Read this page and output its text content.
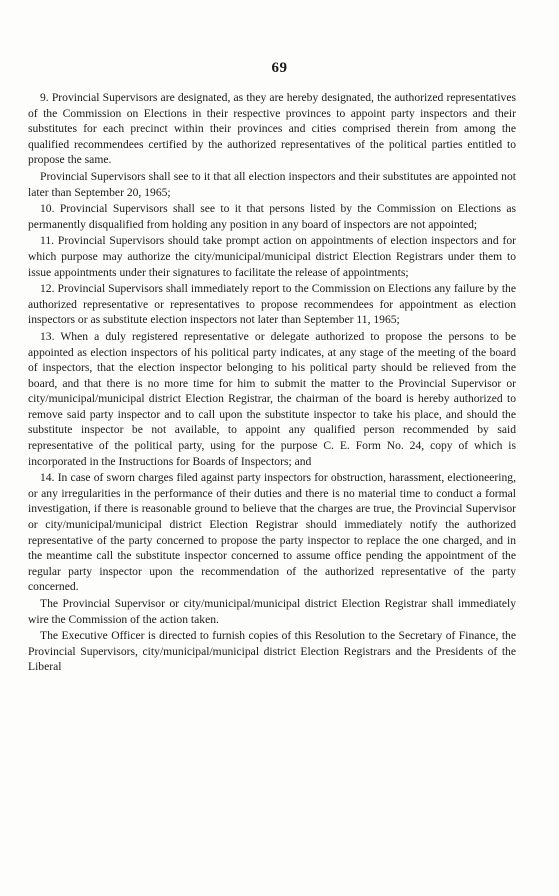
69

9. Provincial Supervisors are designated, as they are hereby designated, the authorized representatives of the Commission on Elections in their respective provinces to appoint party inspectors and their substitutes for each precinct within their provinces and cities comprised therein from among the qualified recommendees certified by the authorized representatives of the political parties entitled to propose the same.

Provincial Supervisors shall see to it that all election inspectors and their substitutes are appointed not later than September 20, 1965;

10. Provincial Supervisors shall see to it that persons listed by the Commission on Elections as permanently disqualified from holding any position in any board of inspectors are not appointed;

11. Provincial Supervisors should take prompt action on appointments of election inspectors and for which purpose may authorize the city/municipal/municipal district Election Registrars under them to issue appointments under their signatures to facilitate the release of appointments;

12. Provincial Supervisors shall immediately report to the Commission on Elections any failure by the authorized representative or representatives to propose recommendees for appointment as election inspectors or as substitute election inspectors not later than September 11, 1965;

13. When a duly registered representative or delegate authorized to propose the persons to be appointed as election inspectors of his political party indicates, at any stage of the meeting of the board of inspectors, that the election inspector belonging to his political party should be relieved from the board, and that there is no more time for him to submit the matter to the Provincial Supervisor or city/municipal/municipal district Election Registrar, the chairman of the board is hereby authorized to remove said party inspector and to call upon the substitute inspector to take his place, and should the substitute inspector be not available, to appoint any qualified person recommended by said representative of the political party, using for the purpose C. E. Form No. 24, copy of which is incorporated in the Instructions for Boards of Inspectors; and

14. In case of sworn charges filed against party inspectors for obstruction, harassment, electioneering, or any irregularities in the performance of their duties and there is no material time to conduct a formal investigation, if there is reasonable ground to believe that the charges are true, the Provincial Supervisor or city/municipal/municipal district Election Registrar should immediately notify the authorized representative of the party concerned to propose the party inspector to replace the one charged, and in the meantime call the substitute inspector concerned to assume office pending the appointment of the regular party inspector upon the recommendation of the authorized representative of the party concerned.

The Provincial Supervisor or city/municipal/municipal district Election Registrar shall immediately wire the Commission of the action taken.

The Executive Officer is directed to furnish copies of this Resolution to the Secretary of Finance, the Provincial Supervisors, city/municipal/municipal district Election Registrars and the Presidents of the Liberal
